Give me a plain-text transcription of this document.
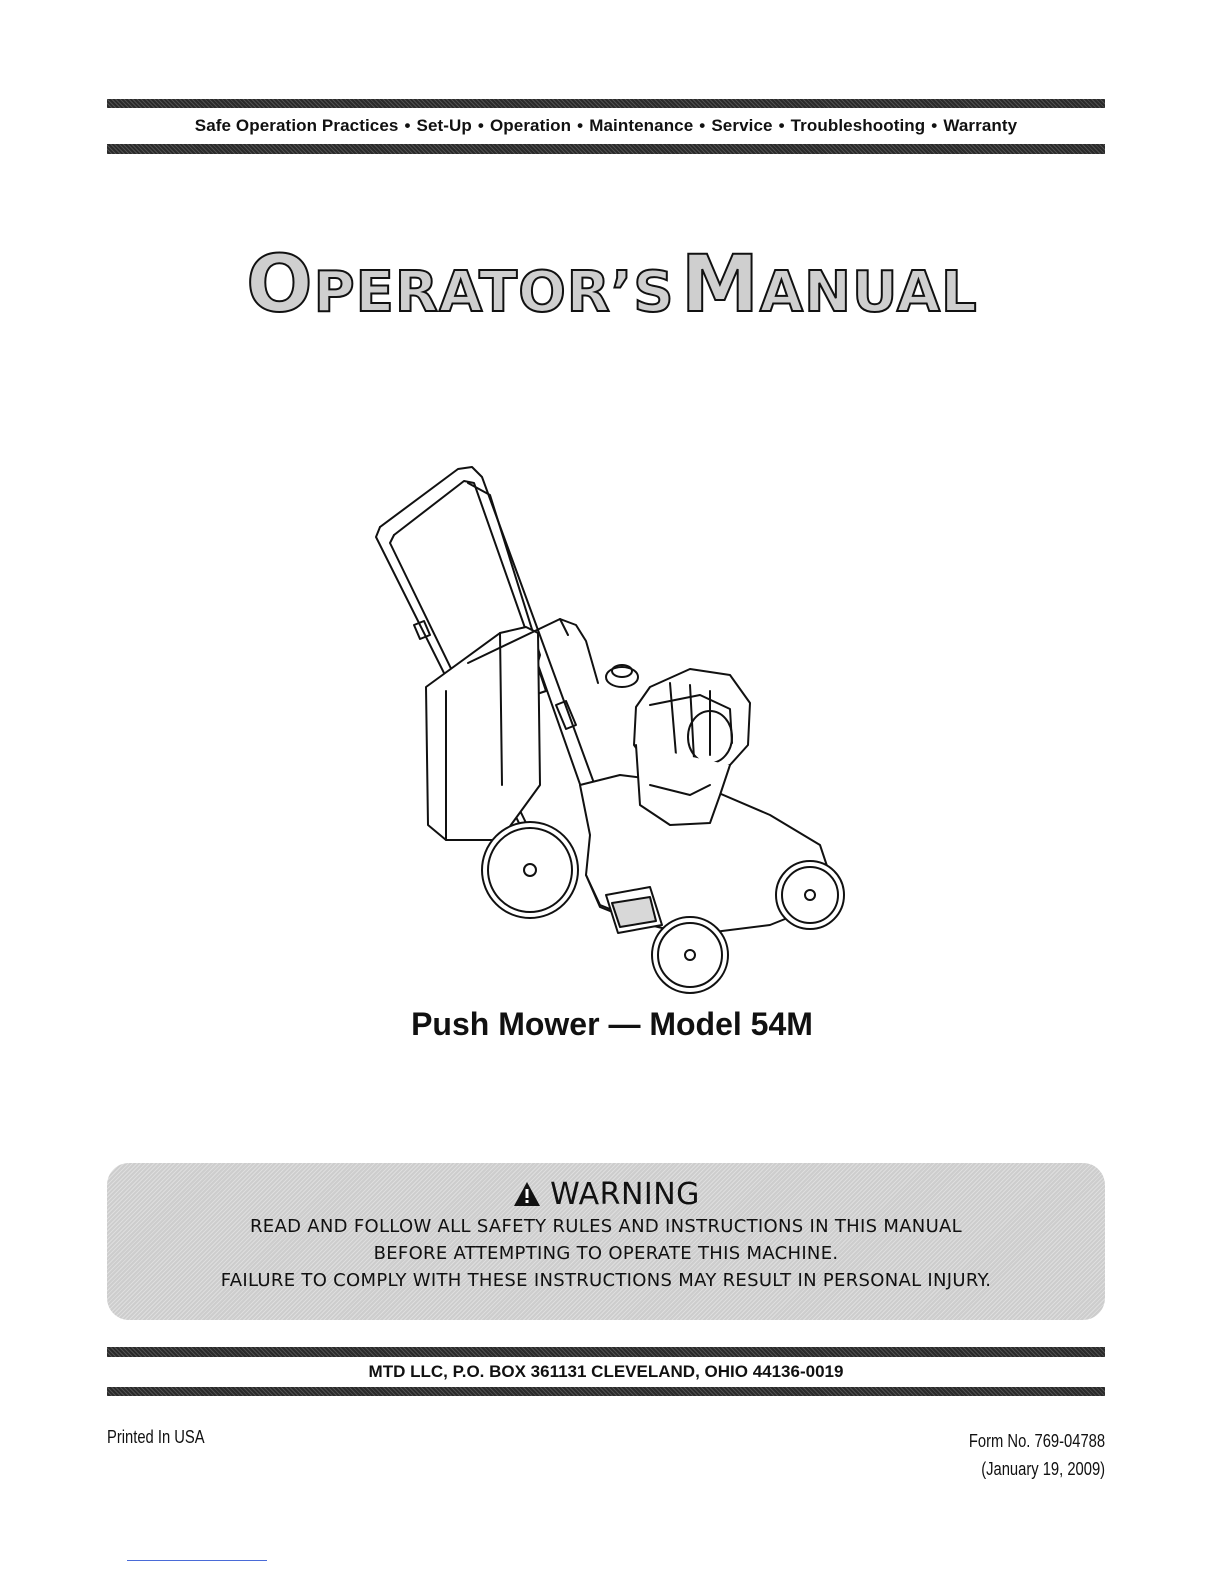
Safe Operation Practices • Set-Up • Operation • Maintenance • Service • Troubleshooting • Warranty
OPERATOR’S MANUAL
Push Mower — Model 54M
WARNING
READ AND FOLLOW ALL SAFETY RULES AND INSTRUCTIONS IN THIS MANUAL
BEFORE ATTEMPTING TO OPERATE THIS MACHINE.
FAILURE TO COMPLY WITH THESE INSTRUCTIONS MAY RESULT IN PERSONAL INJURY.
MTD LLC, P.O. BOX 361131 CLEVELAND, OHIO 44136-0019
Printed In USA	Form No. 769-04788
(January 19, 2009)
